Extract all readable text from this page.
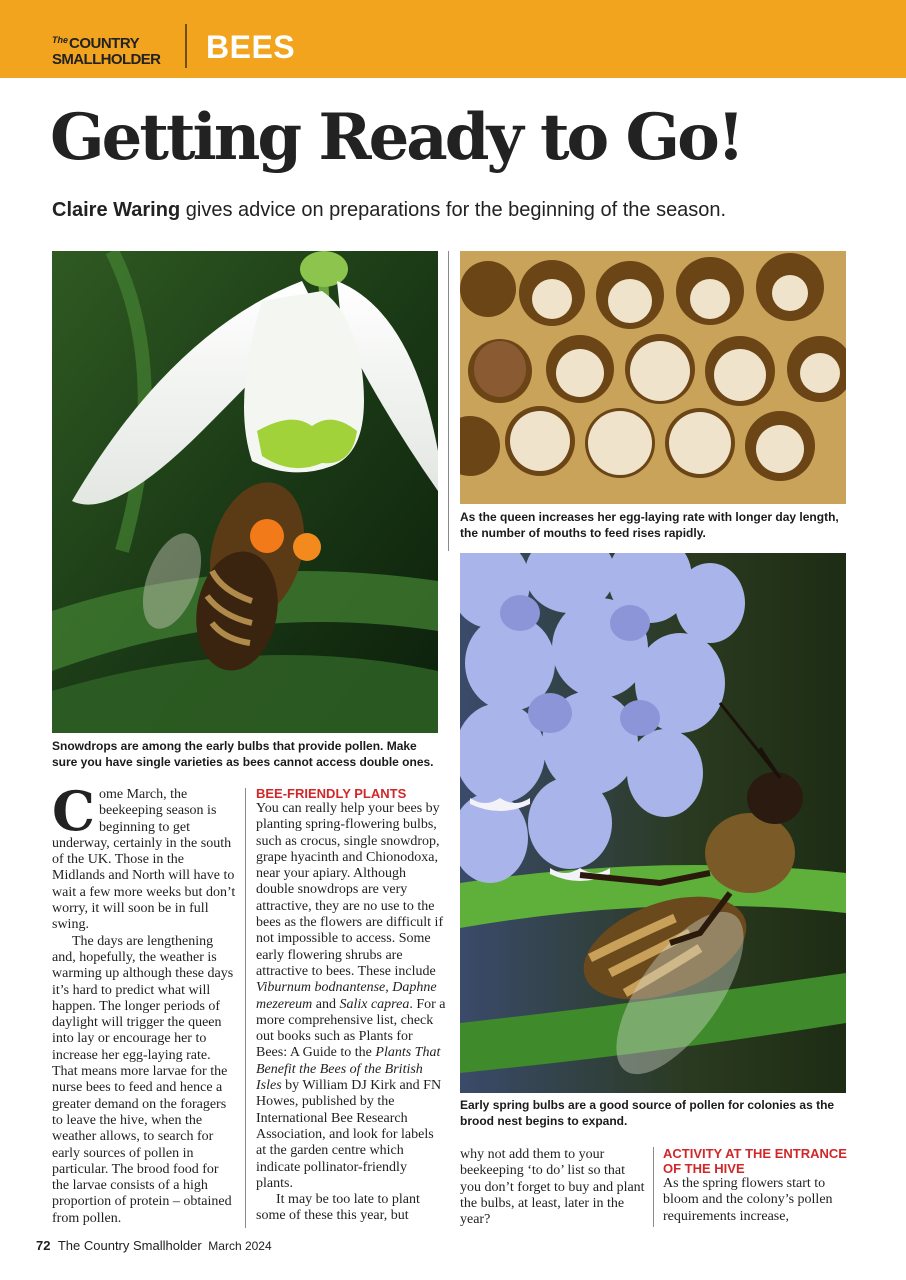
TheCOUNTRY
SMALLHOLDER	BEES
Getting Ready to Go!
Claire Waring gives advice on preparations for the beginning of the season.
Snowdrops are among the early bulbs that provide pollen. Make sure you have single varieties as bees cannot access double ones.
As the queen increases her egg-laying rate with longer day length, the number of mouths to feed rises rapidly.
Early spring bulbs are a good source of pollen for colonies as the brood nest begins to expand.

Come March, the beekeeping season is beginning to get underway, certainly in the south of the UK. Those in the Midlands and North will have to wait a few more weeks but don’t worry, it will soon be in full swing.

The days are lengthening and, hopefully, the weather is warming up although these days it’s hard to predict what will happen. The longer periods of daylight will trigger the queen into lay or encourage her to increase her egg-laying rate. That means more larvae for the nurse bees to feed and hence a greater demand on the foragers to leave the hive, when the weather allows, to search for early sources of pollen in particular. The brood food for the larvae consists of a high proportion of protein – obtained from pollen.

BEE-FRIENDLY PLANTS

You can really help your bees by planting spring-flowering bulbs, such as crocus, single snowdrop, grape hyacinth and Chionodoxa, near your apiary. Although double snowdrops are very attractive, they are no use to the bees as the flowers are difficult if not impossible to access. Some early flowering shrubs are attractive to bees. These include Viburnum bodnantense, Daphne mezereum and Salix caprea. For a more comprehensive list, check out books such as Plants for Bees: A Guide to the Plants That Benefit the Bees of the British Isles by William DJ Kirk and FN Howes, published by the International Bee Research Association, and look for labels at the garden centre which indicate pollinator-friendly plants.

It may be too late to plant some of these this year, but

why not add them to your beekeeping ‘to do’ list so that you don’t forget to buy and plant the bulbs, at least, later in the year?

ACTIVITY AT THE ENTRANCE OF THE HIVE

As the spring flowers start to bloom and the colony’s pollen requirements increase,

72 The Country Smallholder March 2024
